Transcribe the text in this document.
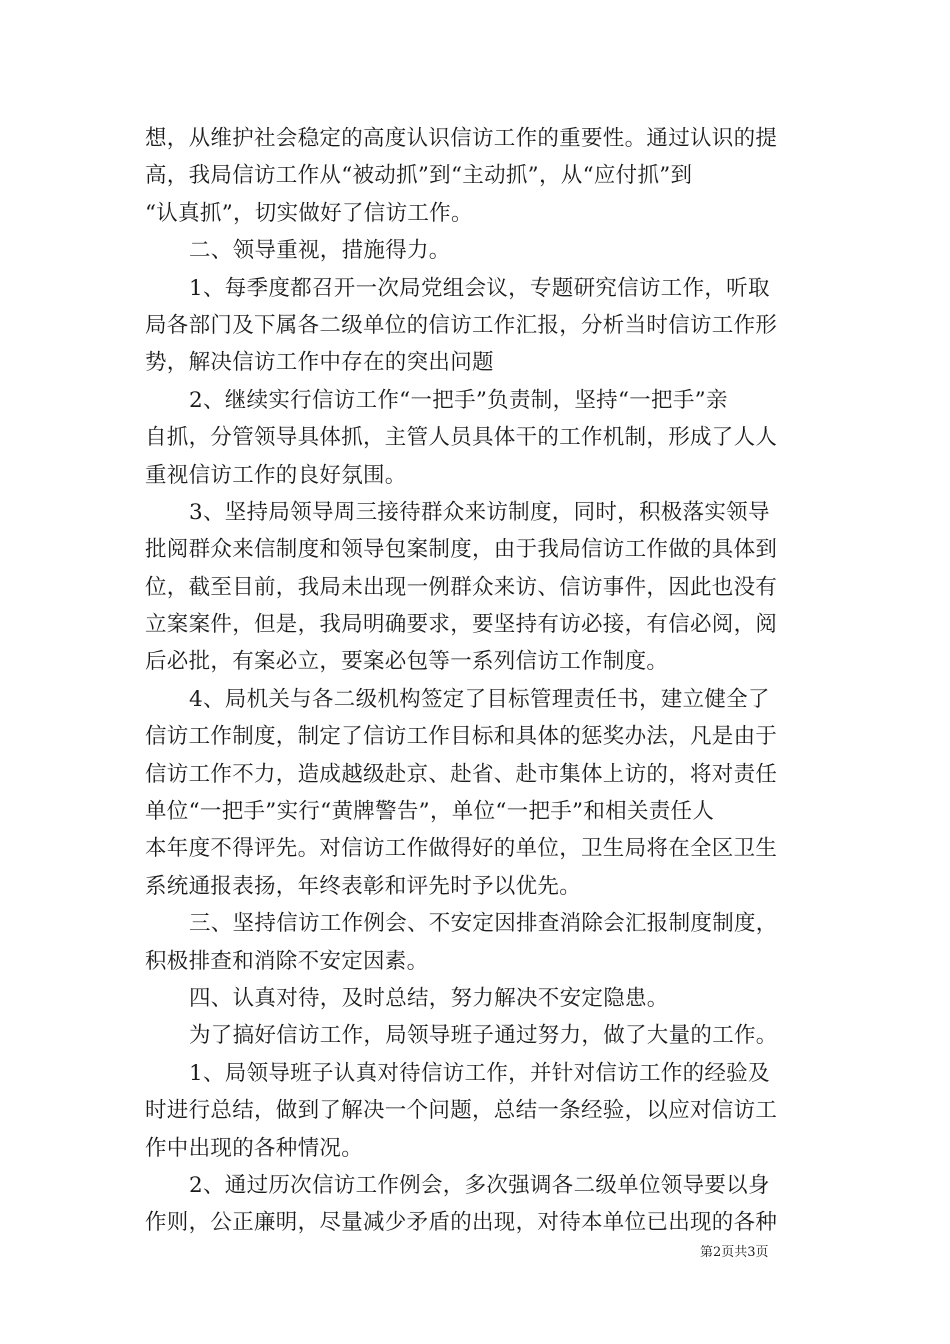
想，从维护社会稳定的高度认识信访工作的重要性。通过认识的提
高，我局信访工作从“被动抓”到“主动抓”，从“应付抓”到
“认真抓”，切实做好了信访工作。
二、领导重视，措施得力。
1、每季度都召开一次局党组会议，专题研究信访工作，听取
局各部门及下属各二级单位的信访工作汇报，分析当时信访工作形
势，解决信访工作中存在的突出问题
2、继续实行信访工作“一把手”负责制，坚持“一把手”亲
自抓，分管领导具体抓，主管人员具体干的工作机制，形成了人人
重视信访工作的良好氛围。
3、坚持局领导周三接待群众来访制度，同时，积极落实领导
批阅群众来信制度和领导包案制度，由于我局信访工作做的具体到
位，截至目前，我局未出现一例群众来访、信访事件，因此也没有
立案案件，但是，我局明确要求，要坚持有访必接，有信必阅，阅
后必批，有案必立，要案必包等一系列信访工作制度。
4、局机关与各二级机构签定了目标管理责任书，建立健全了
信访工作制度，制定了信访工作目标和具体的惩奖办法，凡是由于
信访工作不力，造成越级赴京、赴省、赴市集体上访的，将对责任
单位“一把手”实行“黄牌警告”，单位“一把手”和相关责任人
本年度不得评先。对信访工作做得好的单位，卫生局将在全区卫生
系统通报表扬，年终表彰和评先时予以优先。
三、坚持信访工作例会、不安定因排查消除会汇报制度制度，
积极排查和消除不安定因素。
四、认真对待，及时总结，努力解决不安定隐患。
为了搞好信访工作，局领导班子通过努力，做了大量的工作。
1、局领导班子认真对待信访工作，并针对信访工作的经验及
时进行总结，做到了解决一个问题，总结一条经验，以应对信访工
作中出现的各种情况。
2、通过历次信访工作例会，多次强调各二级单位领导要以身
作则，公正廉明，尽量减少矛盾的出现，对待本单位已出现的各种
第2页共3页
